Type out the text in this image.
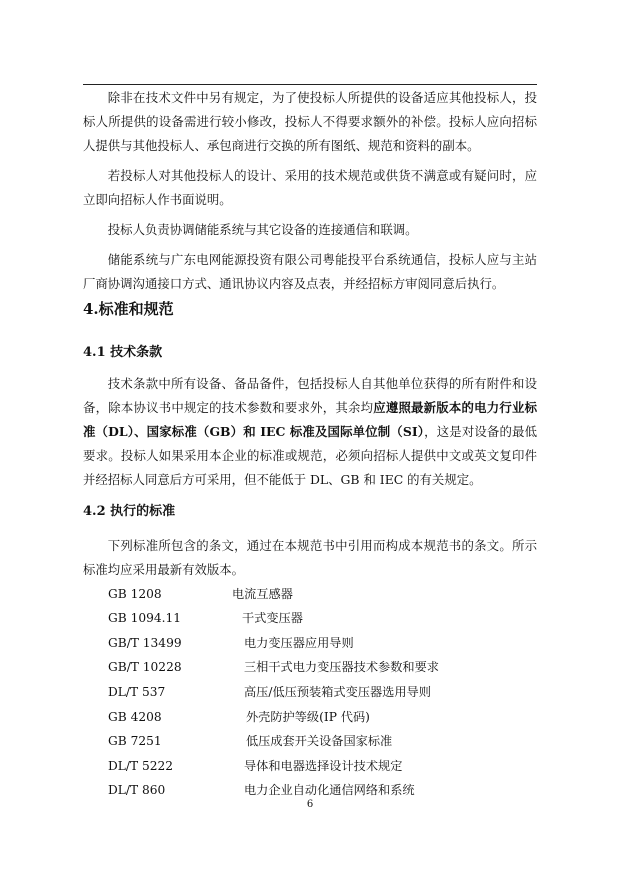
除非在技术文件中另有规定，为了使投标人所提供的设备适应其他投标人，投标人所提供的设备需进行较小修改，投标人不得要求额外的补偿。投标人应向招标人提供与其他投标人、承包商进行交换的所有图纸、规范和资料的副本。

若投标人对其他投标人的设计、采用的技术规范或供货不满意或有疑问时，应立即向招标人作书面说明。

投标人负责协调储能系统与其它设备的连接通信和联调。

储能系统与广东电网能源投资有限公司粤能投平台系统通信，投标人应与主站厂商协调沟通接口方式、通讯协议内容及点表，并经招标方审阅同意后执行。

4.标准和规范

4.1 技术条款

技术条款中所有设备、备品备件，包括投标人自其他单位获得的所有附件和设备，除本协议书中规定的技术参数和要求外，其余均应遵照最新版本的电力行业标准（DL）、国家标准（GB）和 IEC 标准及国际单位制（SI），这是对设备的最低要求。投标人如果采用本企业的标准或规范，必须向招标人提供中文或英文复印件并经招标人同意后方可采用，但不能低于 DL、GB 和 IEC 的有关规定。

4.2 执行的标准

下列标准所包含的条文，通过在本规范书中引用而构成本规范书的条文。所示标准均应采用最新有效版本。

GB 1208	电流互感器
GB 1094.11	干式变压器
GB/T 13499	电力变压器应用导则
GB/T 10228	三相干式电力变压器技术参数和要求
DL/T 537	高压/低压预装箱式变压器选用导则
GB 4208	外壳防护等级(IP 代码)
GB 7251	低压成套开关设备国家标准
DL/T 5222	导体和电器选择设计技术规定
DL/T 860	电力企业自动化通信网络和系统
6
